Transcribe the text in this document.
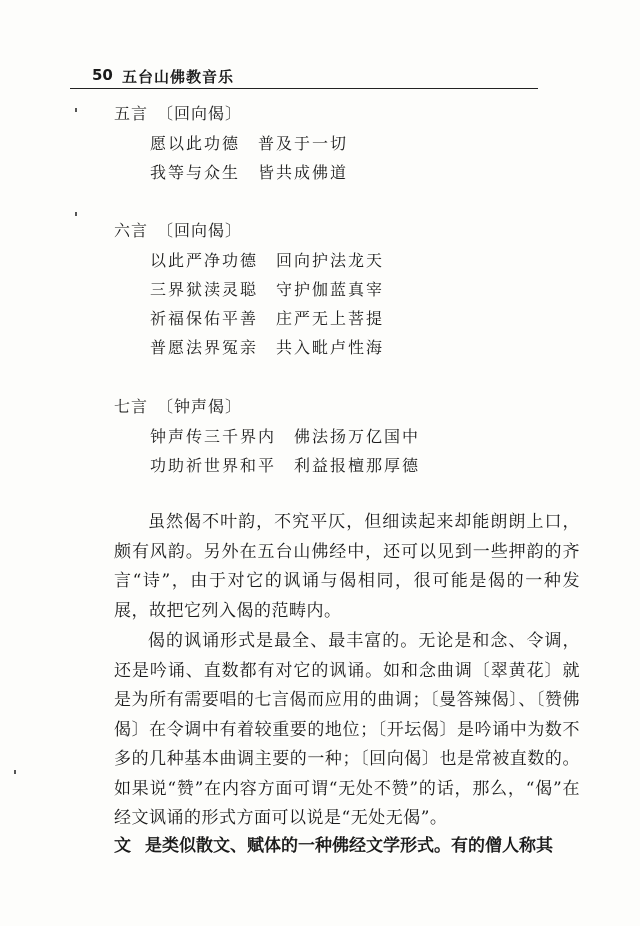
50 五台山佛教音乐
五言　〔回向偈〕
愿以此功德　普及于一切
我等与众生　皆共成佛道
六言　〔回向偈〕
以此严净功德　回向护法龙天
三界狱渎灵聪　守护伽蓝真宰
祈福保佑平善　庄严无上菩提
普愿法界冤亲　共入毗卢性海
七言　〔钟声偈〕
钟声传三千界内　佛法扬万亿国中
功助祈世界和平　利益报檀那厚德
虽然偈不叶韵，不究平仄，但细读起来却能朗朗上口，颇有风韵。另外在五台山佛经中，还可以见到一些押韵的齐言“诗”，由于对它的讽诵与偈相同，很可能是偈的一种发展，故把它列入偈的范畴内。
偈的讽诵形式是最全、最丰富的。无论是和念、令调，还是吟诵、直数都有对它的讽诵。如和念曲调〔翠黄花〕就是为所有需要唱的七言偈而应用的曲调；〔曼答辣偈〕、〔赞佛偈〕在令调中有着较重要的地位；〔开坛偈〕是吟诵中为数不多的几种基本曲调主要的一种；〔回向偈〕也是常被直数的。如果说“赞”在内容方面可谓“无处不赞”的话，那么，“偈”在经文讽诵的形式方面可以说是“无处无偈”。
文 是类似散文、赋体的一种佛经文学形式。有的僧人称其
